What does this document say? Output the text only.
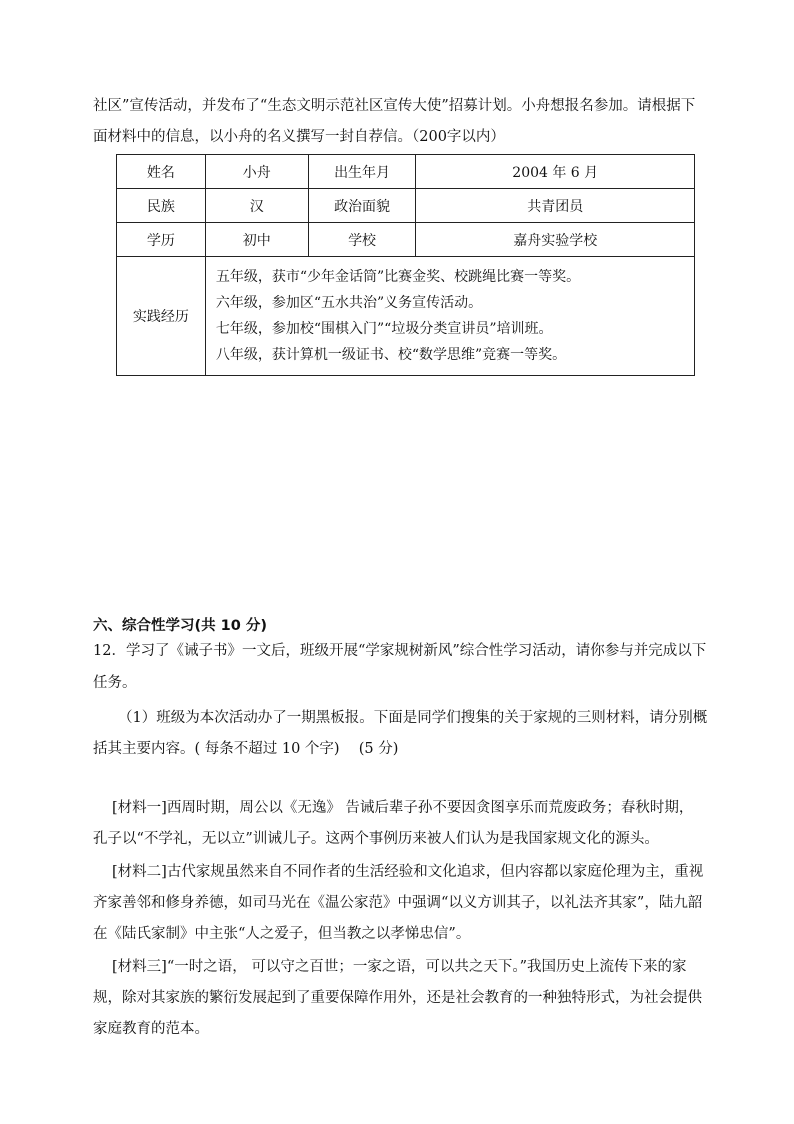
社区”宣传活动，并发布了“生态文明示范社区宣传大使”招募计划。小舟想报名参加。请根据下
面材料中的信息，以小舟的名义撰写一封自荐信。（200字以内）
姓名	小舟	出生年月	2004 年 6 月
民族	汉	政治面貌	共青团员
学历	初中	学校	嘉舟实验学校
实践经历	五年级，获市“少年金话筒”比赛金奖、校跳绳比赛一等奖。
六年级，参加区“五水共治”义务宣传活动。
七年级，参加校“围棋入门”“垃圾分类宣讲员”培训班。
八年级，获计算机一级证书、校“数学思维”竞赛一等奖。		
六、综合性学习(共 10 分)
12．学习了《诫子书》一文后，班级开展“学家规树新风”综合性学习活动，请你参与并完成以下
任务。
（1）班级为本次活动办了一期黑板报。下面是同学们搜集的关于家规的三则材料，请分别概
括其主要内容。( 每条不超过 10 个字)　 (5 分)
[材料一]西周时期，周公以《无逸》 告诫后辈子孙不要因贪图享乐而荒废政务；春秋时期，
孔子以“不学礼，无以立”训诫儿子。这两个事例历来被人们认为是我国家规文化的源头。
[材料二]古代家规虽然来自不同作者的生活经验和文化追求，但内容都以家庭伦理为主，重视
齐家善邻和修身养德，如司马光在《温公家范》中强调“以义方训其子，以礼法齐其家”，陆九韶
在《陆氏家制》中主张“人之爱子，但当教之以孝悌忠信”。
[材料三]“一时之语， 可以守之百世；一家之语，可以共之天下。”我国历史上流传下来的家
规，除对其家族的繁衍发展起到了重要保障作用外，还是社会教育的一种独特形式，为社会提供
家庭教育的范本。
